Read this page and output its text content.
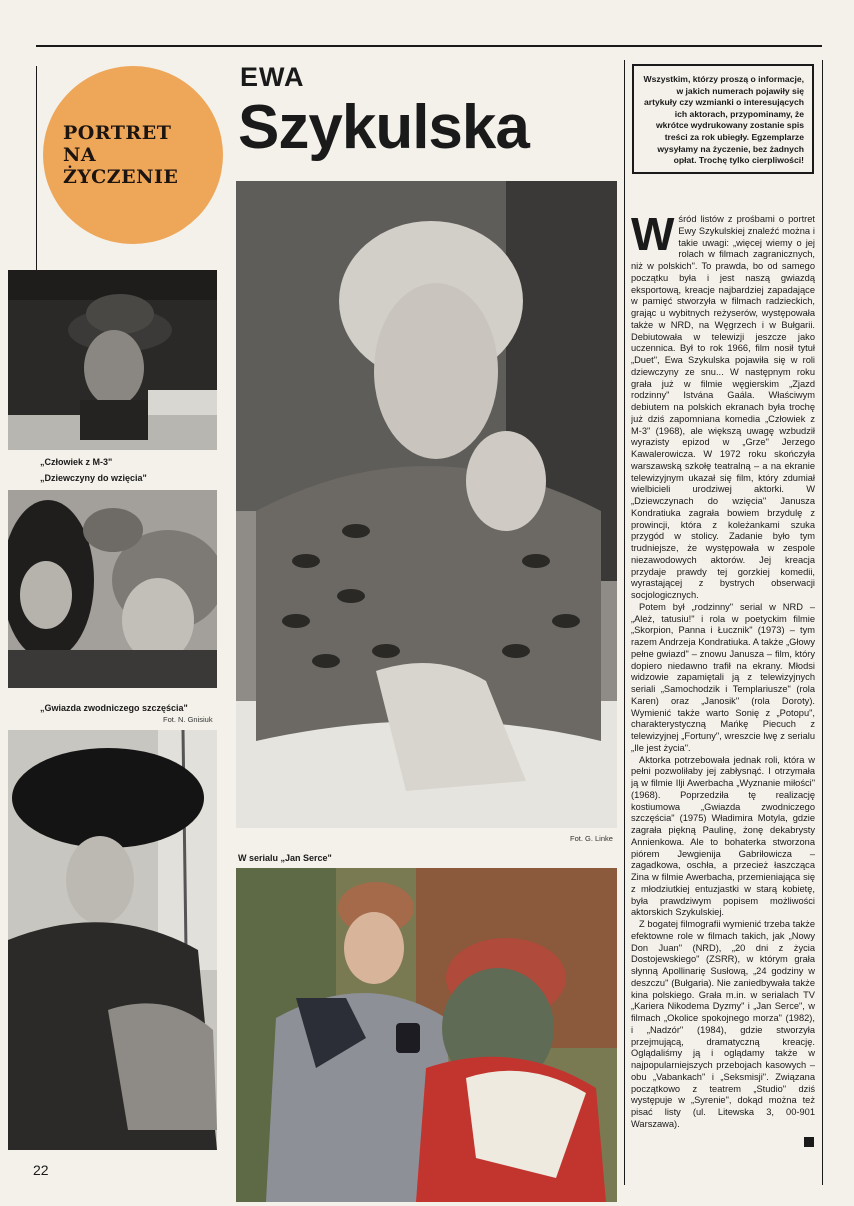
PORTRET
NA
ŻYCZENIE
EWA
Szykulska
Wszystkim, którzy proszą o informacje, w jakich numerach pojawiły się artykuły czy wzmianki o interesujących ich aktorach, przypominamy, że wkrótce wydrukowany zostanie spis treści za rok ubiegły. Egzemplarze wysyłamy na życzenie, bez żadnych opłat. Trochę tylko cierpliwości!
„Człowiek z M-3"
„Dziewczyny do wzięcia"
„Gwiazda zwodniczego szczęścia"
Fot. N. Gnisiuk
Fot. G. Linke
W serialu „Jan Serce"

Wśród listów z prośbami o portret Ewy Szykulskiej znaleźć można i takie uwagi: „więcej wiemy o jej rolach w filmach zagranicznych, niż w polskich". To prawda, bo od samego początku była i jest naszą gwiazdą eksportową, kreacje najbardziej zapadające w pamięć stworzyła w filmach radzieckich, grając u wybitnych reżyserów, występowała także w NRD, na Węgrzech i w Bułgarii. Debiutowała w telewizji jeszcze jako uczennica. Był to rok 1966, film nosił tytuł „Duet", Ewa Szykulska pojawiła się w roli dziewczyny ze snu... W następnym roku grała już w filmie węgierskim „Zjazd rodzinny" Istvána Gaála. Właściwym debiutem na polskich ekranach była trochę już dziś zapomniana komedia „Człowiek z M-3" (1968), ale większą uwagę wzbudził wyrazisty epizod w „Grze" Jerzego Kawalerowicza. W 1972 roku skończyła warszawską szkołę teatralną – a na ekranie telewizyjnym ukazał się film, który zdumiał wielbicieli urodziwej aktorki. W „Dziewczynach do wzięcia" Janusza Kondratiuka zagrała bowiem brzydulę z prowincji, która z koleżankami szuka przygód w stolicy. Zadanie było tym trudniejsze, że występowała w zespole niezawodowych aktorów. Jej kreacja przydaje prawdy tej gorzkiej komedii, wyrastającej z bystrych obserwacji socjologicznych.

Potem był „rodzinny" serial w NRD – „Ależ, tatusiu!" i rola w poetyckim filmie „Skorpion, Panna i Łucznik" (1973) – tym razem Andrzeja Kondratiuka. A także „Głowy pełne gwiazd" – znowu Janusza – film, który dopiero niedawno trafił na ekrany. Młodsi widzowie zapamiętali ją z telewizyjnych seriali „Samochodzik i Templariusze" (rola Karen) oraz „Janosik" (rola Doroty). Wymienić także warto Sonię z „Potopu", charakterystyczną Mańkę Piecuch z telewizyjnej „Fortuny", wreszcie lwę z serialu „Ile jest życia".

Aktorka potrzebowała jednak roli, która w pełni pozwoliłaby jej zabłysnąć. I otrzymała ją w filmie Ilji Awerbacha „Wyznanie miłości" (1968). Poprzedziła tę realizację kostiumowa „Gwiazda zwodniczego szczęścia" (1975) Władimira Motyla, gdzie zagrała piękną Paulinę, żonę dekabrysty Annienkowa. Ale to bohaterka stworzona piórem Jewgienija Gabriłowicza – zagadkowa, oschła, a przecież łaszcząca Zina w filmie Awerbacha, przemieniająca się z młodziutkiej entuzjastki w starą kobietę, była prawdziwym popisem możliwości aktorskich Szykulskiej.

Z bogatej filmografii wymienić trzeba także efektowne role w filmach takich, jak „Nowy Don Juan" (NRD), „20 dni z życia Dostojewskiego" (ZSRR), w którym grała słynną Apollinarię Susłową, „24 godziny w deszczu" (Bułgaria). Nie zaniedbywała także kina polskiego. Grała m.in. w serialach TV „Kariera Nikodema Dyzmy" i „Jan Serce", w filmach „Okolice spokojnego morza" (1982), i „Nadzór" (1984), gdzie stworzyła przejmującą, dramatyczną kreację. Oglądaliśmy ją i oglądamy także w najpopularniejszych przebojach kasowych – obu „Vabankach" i „Seksmisji". Związana początkowo z teatrem „Studio" dziś występuje w „Syrenie", dokąd można też pisać listy (ul. Litewska 3, 00-901 Warszawa).

22
